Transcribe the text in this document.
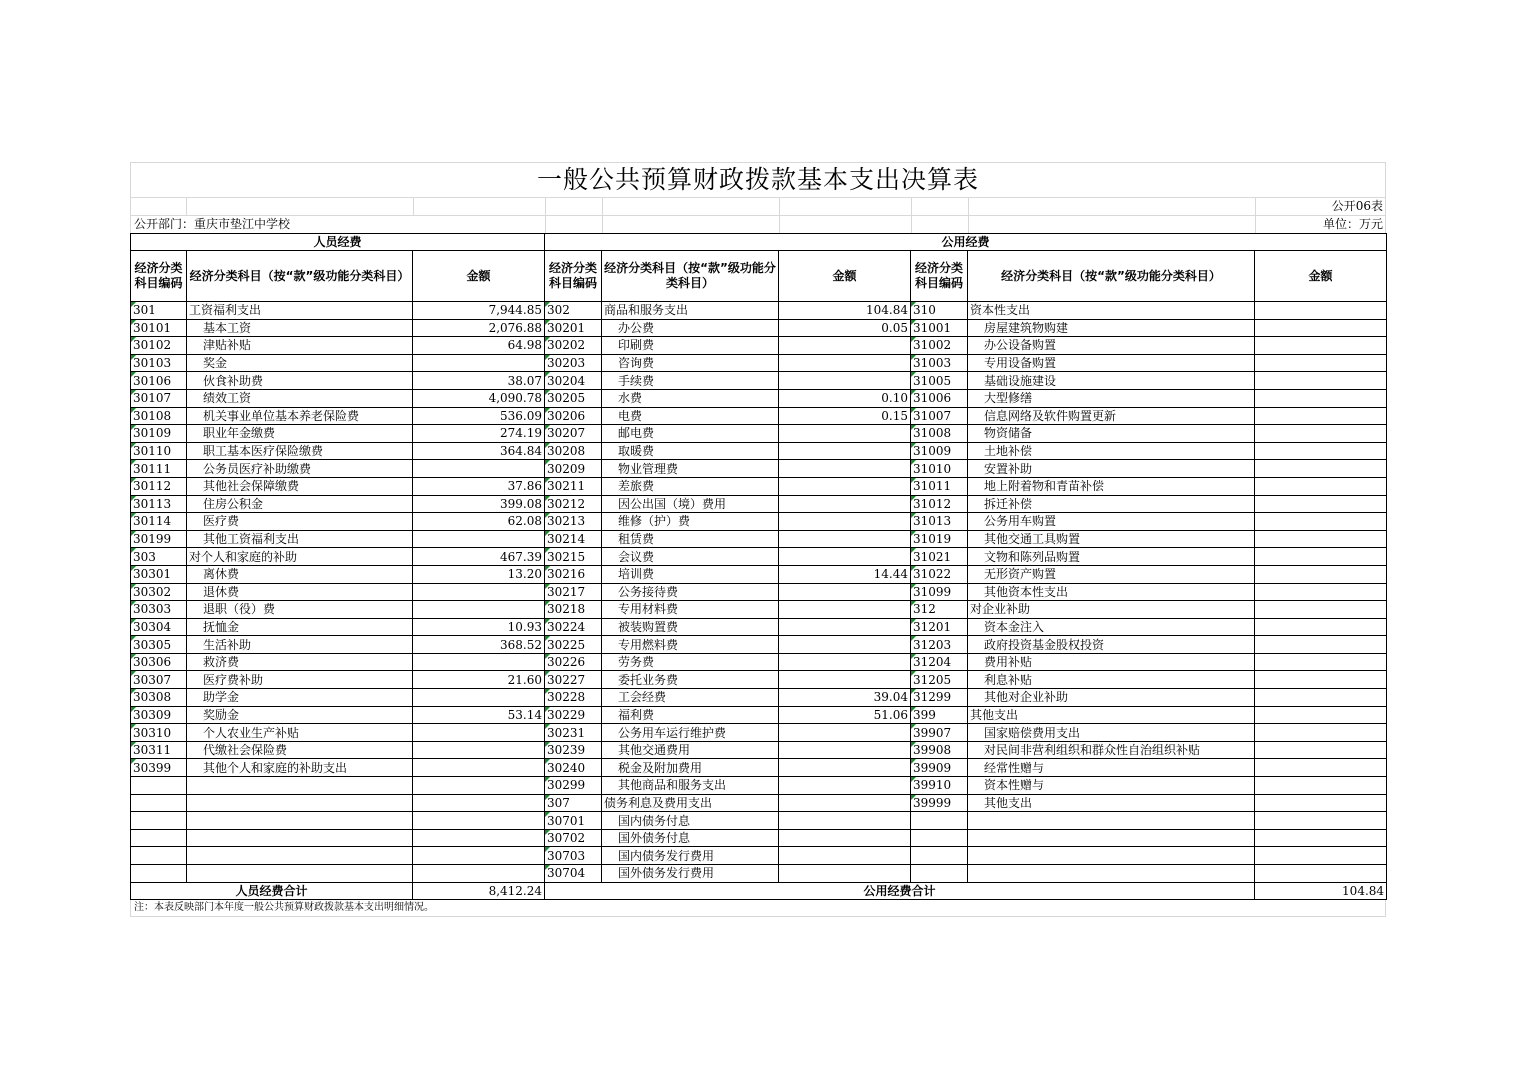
一般公共预算财政拨款基本支出决算表
公开06表
公开部门：重庆市垫江中学校	单位：万元
人员经费			公用经费					
经济分类科目编码	经济分类科目（按“款”级功能分类科目）	金额	经济分类科目编码	经济分类科目（按“款”级功能分类科目）	金额	经济分类科目编码	经济分类科目（按“款”级功能分类科目）	金额
301	工资福利支出	7,944.85	302	商品和服务支出	104.84	310	资本性支出	
30101	基本工资	2,076.88	30201	办公费	0.05	31001	房屋建筑物购建	
30102	津贴补贴	64.98	30202	印刷费		31002	办公设备购置	
30103	奖金		30203	咨询费		31003	专用设备购置	
30106	伙食补助费	38.07	30204	手续费		31005	基础设施建设	
30107	绩效工资	4,090.78	30205	水费	0.10	31006	大型修缮	
30108	机关事业单位基本养老保险费	536.09	30206	电费	0.15	31007	信息网络及软件购置更新	
30109	职业年金缴费	274.19	30207	邮电费		31008	物资储备	
30110	职工基本医疗保险缴费	364.84	30208	取暖费		31009	土地补偿	
30111	公务员医疗补助缴费		30209	物业管理费		31010	安置补助	
30112	其他社会保障缴费	37.86	30211	差旅费		31011	地上附着物和青苗补偿	
30113	住房公积金	399.08	30212	因公出国（境）费用		31012	拆迁补偿	
30114	医疗费	62.08	30213	维修（护）费		31013	公务用车购置	
30199	其他工资福利支出		30214	租赁费		31019	其他交通工具购置	
303	对个人和家庭的补助	467.39	30215	会议费		31021	文物和陈列品购置	
30301	离休费	13.20	30216	培训费	14.44	31022	无形资产购置	
30302	退休费		30217	公务接待费		31099	其他资本性支出	
30303	退职（役）费		30218	专用材料费		312	对企业补助	
30304	抚恤金	10.93	30224	被装购置费		31201	资本金注入	
30305	生活补助	368.52	30225	专用燃料费		31203	政府投资基金股权投资	
30306	救济费		30226	劳务费		31204	费用补贴	
30307	医疗费补助	21.60	30227	委托业务费		31205	利息补贴	
30308	助学金		30228	工会经费	39.04	31299	其他对企业补助	
30309	奖励金	53.14	30229	福利费	51.06	399	其他支出	
30310	个人农业生产补贴		30231	公务用车运行维护费		39907	国家赔偿费用支出	
30311	代缴社会保险费		30239	其他交通费用		39908	对民间非营利组织和群众性自治组织补贴	
30399	其他个人和家庭的补助支出		30240	税金及附加费用		39909	经常性赠与	
			30299	其他商品和服务支出		39910	资本性赠与	
			307	债务利息及费用支出		39999	其他支出	
			30701	国内债务付息				
			30702	国外债务付息				
			30703	国内债务发行费用				
			30704	国外债务发行费用				
人员经费合计		8,412.24	公用经费合计					104.84
注：本表反映部门本年度一般公共预算财政拨款基本支出明细情况。
